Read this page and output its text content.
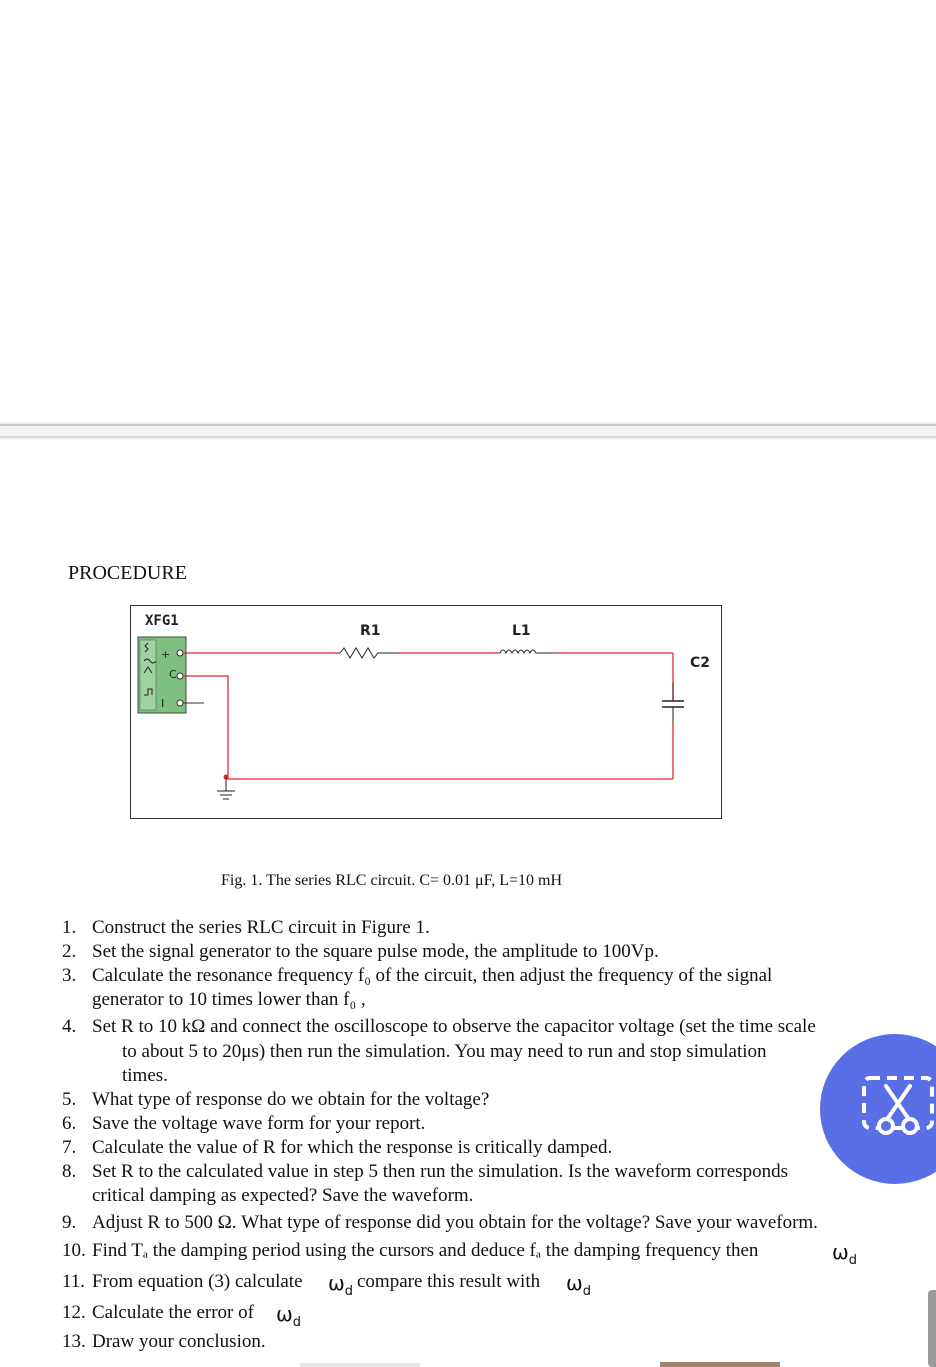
PROCEDURE
XFG1
+
C
I
R1	L1
C2
Fig. 1. The series RLC circuit. C= 0.01 μF, L=10 mH
1. Construct the series RLC circuit in Figure 1.
2. Set the signal generator to the square pulse mode, the amplitude to 100Vp.
3. Calculate the resonance frequency f₀ of the circuit, then adjust the frequency of the signal
generator to 10 times lower than f₀ ,
4. Set R to 10 kΩ and connect the oscilloscope to observe the capacitor voltage (set the time scale
to about 5 to 20μs) then run the simulation. You may need to run and stop simulation
times.
5. What type of response do we obtain for the voltage?
6. Save the voltage wave form for your report.
7. Calculate the value of R for which the response is critically damped.
8. Set R to the calculated value in step 5 then run the simulation. Is the waveform corresponds
critical damping as expected? Save the waveform.
9. Adjust R to 500 Ω. What type of response did you obtain for the voltage? Save your waveform.
10. Find Tₐ the damping period using the cursors and deduce fₐ the damping frequency then	$\omega_d$
11. From equation (3) calculate $\omega_d$ compare this result with $\omega_d$
12. Calculate the error of $\omega_d$
13. Draw your conclusion.
